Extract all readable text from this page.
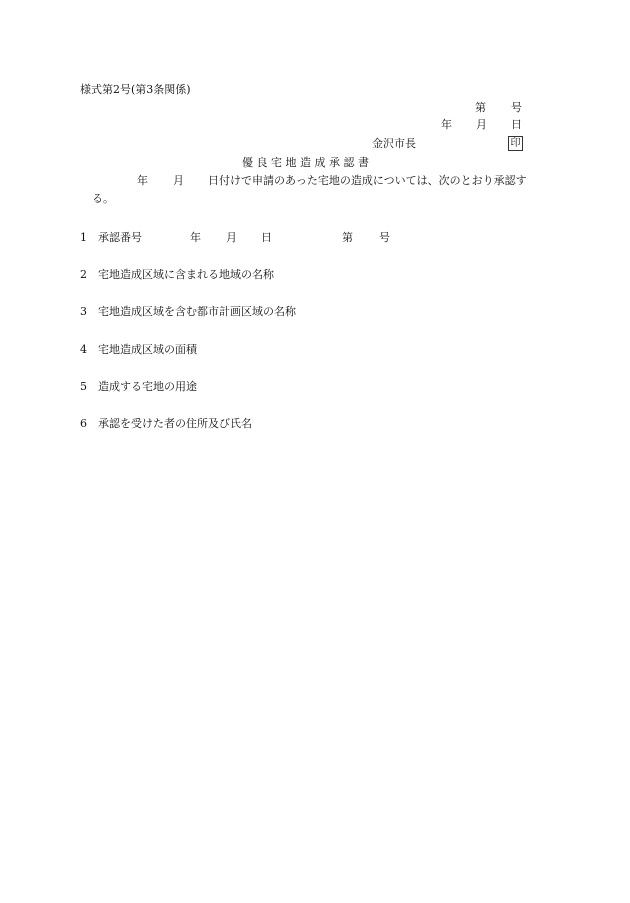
様式第2号(第3条関係)
第 号
年 月 日
金沢市長	印
優良宅地造成承認書
年 月 日付けで申請のあった宅地の造成については、次のとおり承認す
る。
1 承認番号	年 月 日	第 号
2 宅地造成区域に含まれる地域の名称
3 宅地造成区域を含む都市計画区域の名称
4 宅地造成区域の面積
5 造成する宅地の用途
6 承認を受けた者の住所及び氏名
